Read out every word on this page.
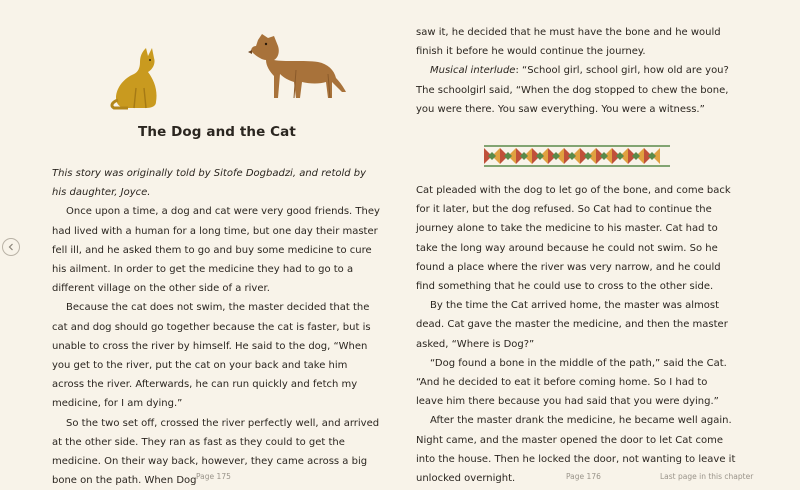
The Dog and the Cat

This story was originally told by Sitofe Dogbadzi, and retold by his daughter, Joyce.

Once upon a time, a dog and cat were very good friends. They had lived with a human for a long time, but one day their master fell ill, and he asked them to go and buy some medicine to cure his ailment. In order to get the medicine they had to go to a different village on the other side of a river.

Because the cat does not swim, the master decided that the cat and dog should go together because the cat is faster, but is unable to cross the river by himself. He said to the dog, “When you get to the river, put the cat on your back and take him across the river. Afterwards, he can run quickly and fetch my medicine, for I am dying.”

So the two set off, crossed the river perfectly well, and arrived at the other side. They ran as fast as they could to get the medicine. On their way back, however, they came across a big bone on the path. When Dog

saw it, he decided that he must have the bone and he would finish it before he would continue the journey.

Musical interlude: “School girl, school girl, how old are you? The schoolgirl said, “When the dog stopped to chew the bone, you were there. You saw everything. You were a witness.”

Cat pleaded with the dog to let go of the bone, and come back for it later, but the dog refused. So Cat had to continue the journey alone to take the medicine to his master. Cat had to take the long way around because he could not swim. So he found a place where the river was very narrow, and he could find something that he could use to cross to the other side.

By the time the Cat arrived home, the master was almost dead. Cat gave the master the medicine, and then the master asked, “Where is Dog?”

“Dog found a bone in the middle of the path,” said the Cat. “And he decided to eat it before coming home. So I had to leave him there because you had said that you were dying.”

After the master drank the medicine, he became well again. Night came, and the master opened the door to let Cat come into the house. Then he locked the door, not wanting to leave it unlocked overnight.

Page 175	Page 176	Last page in this chapter
